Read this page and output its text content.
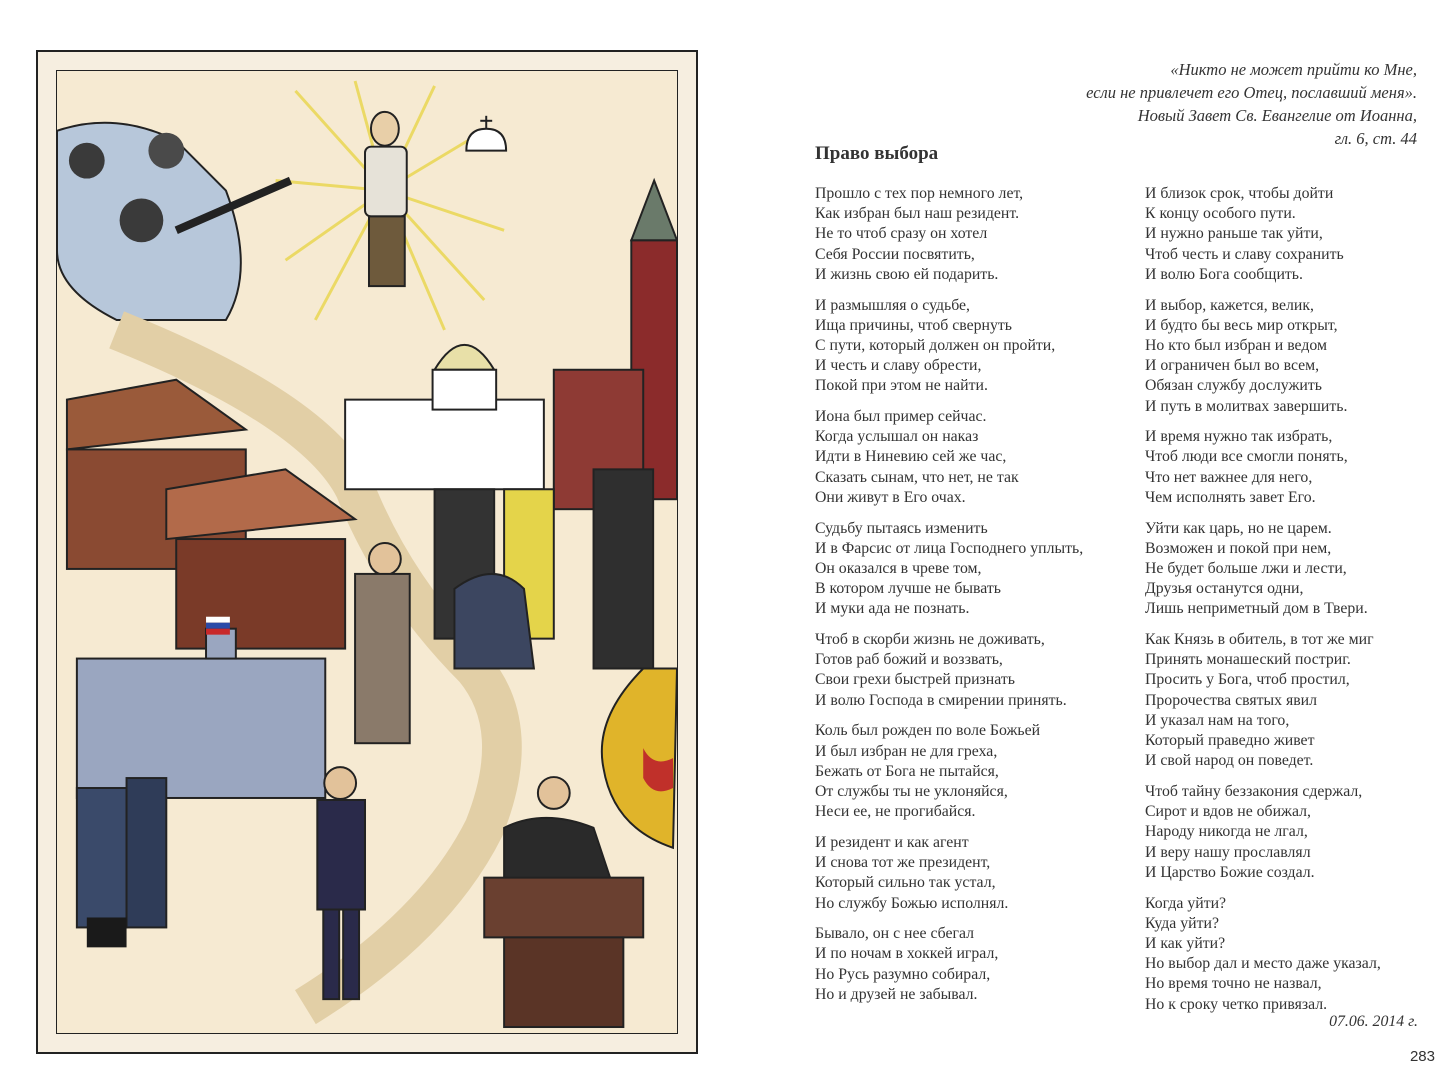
«Никто не может прийти ко Мне,
если не привлечет его Отец, пославший меня».
Новый Завет Св. Евангелие от Иоанна,
гл. 6, ст. 44
Право выбора
Прошло с тех пор немного лет,
Как избран был наш резидент.
Не то чтоб сразу он хотел
Себя России посвятить,
И жизнь свою ей подарить.
И размышляя о судьбе,
Ища причины, чтоб свернуть
С пути, который должен он пройти,
И честь и славу обрести,
Покой при этом не найти.
Иона был пример сейчас.
Когда услышал он наказ
Идти в Ниневию сей же час,
Сказать сынам, что нет, не так
Они живут в Его очах.
Судьбу пытаясь изменить
И в Фарсис от лица Господнего уплыть,
Он оказался в чреве том,
В котором лучше не бывать
И муки ада не познать.
Чтоб в скорби жизнь не доживать,
Готов раб божий и воззвать,
Свои грехи быстрей признать
И волю Господа в смирении принять.
Коль был рожден по воле Божьей
И был избран не для греха,
Бежать от Бога не пытайся,
От службы ты не уклоняйся,
Неси ее, не прогибайся.
И резидент и как агент
И снова тот же президент,
Который сильно так устал,
Но службу Божью исполнял.
Бывало, он с нее сбегал
И по ночам в хоккей играл,
Но Русь разумно собирал,
Но и друзей не забывал.
И близок срок, чтобы дойти
К концу особого пути.
И нужно раньше так уйти,
Чтоб честь и славу сохранить
И волю Бога сообщить.
И выбор, кажется, велик,
И будто бы весь мир открыт,
Но кто был избран и ведом
И ограничен был во всем,
Обязан службу дослужить
И путь в молитвах завершить.
И время нужно так избрать,
Чтоб люди все смогли понять,
Что нет важнее для него,
Чем исполнять завет Его.
Уйти как царь, но не царем.
Возможен и покой при нем,
Не будет больше лжи и лести,
Друзья останутся одни,
Лишь неприметный дом в Твери.
Как Князь в обитель, в тот же миг
Принять монашеский постриг.
Просить у Бога, чтоб простил,
Пророчества святых явил
И указал нам на того,
Который праведно живет
И свой народ он поведет.
Чтоб тайну беззакония сдержал,
Сирот и вдов не обижал,
Народу никогда не лгал,
И веру нашу прославлял
И Царство Божие создал.
Когда уйти?
Куда уйти?
И как уйти?
Но выбор дал и место даже указал,
Но время точно не назвал,
Но к сроку четко привязал.
07.06. 2014 г.
283
